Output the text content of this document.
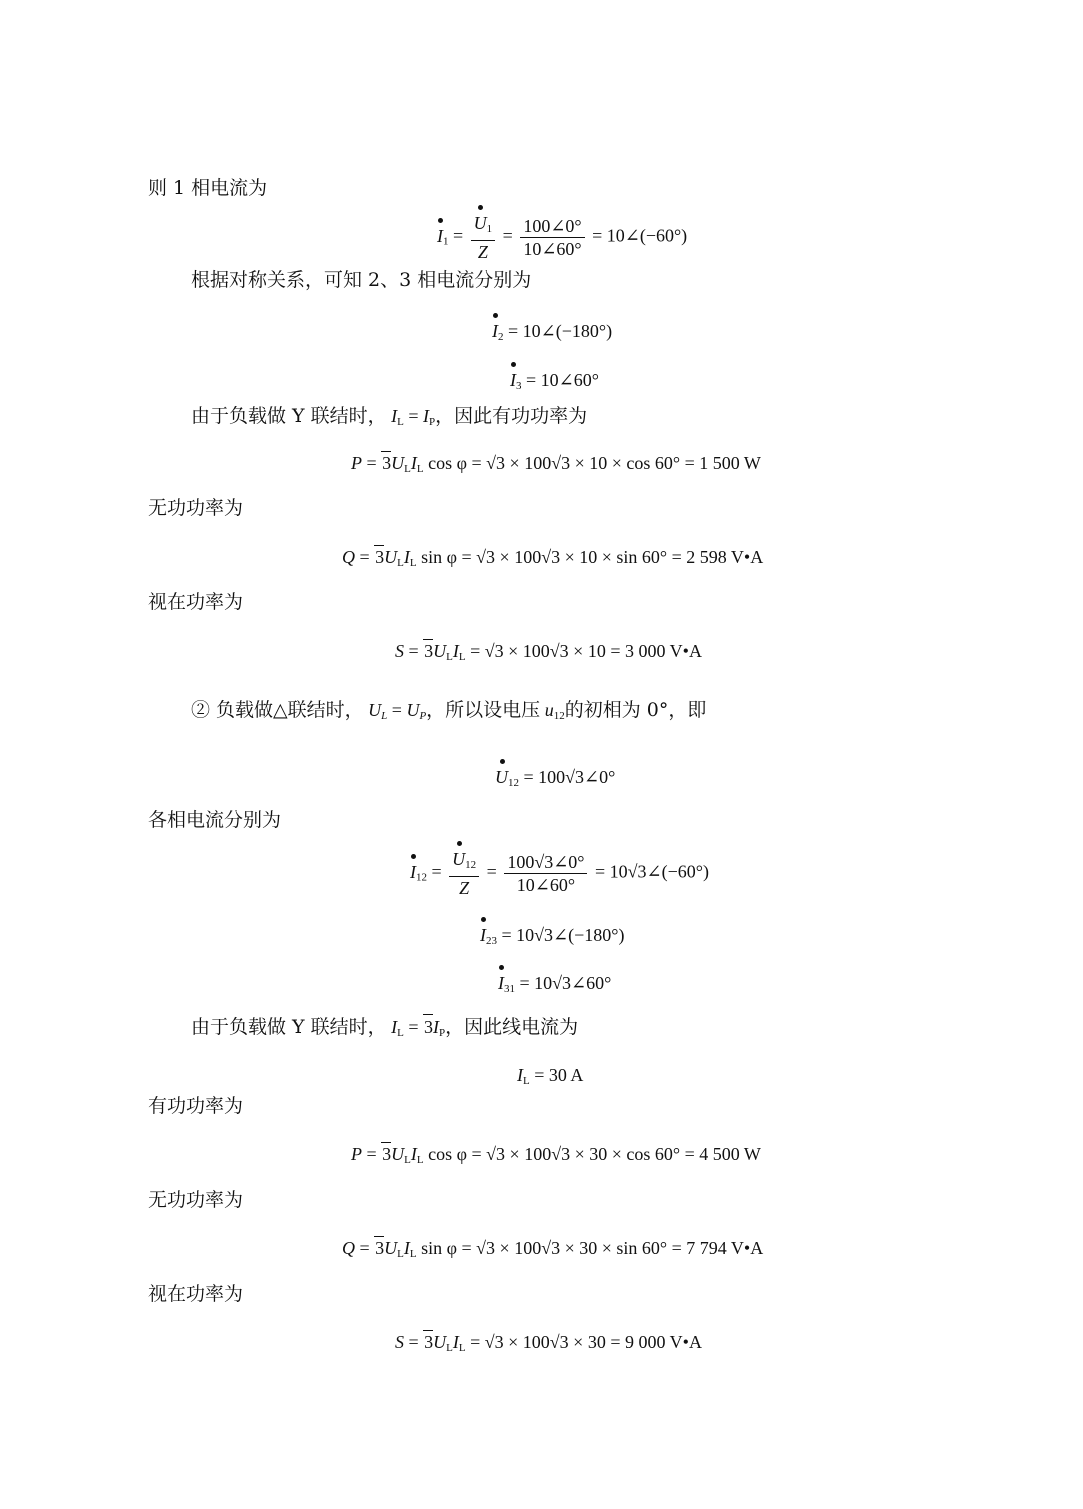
则 1 相电流为
$I_1 = \frac{U_1}{Z} = \frac{100\angle 0^\circ}{10\angle 60^\circ}$ = 10∠(−60°)
根据对称关系，可知 2、3 相电流分别为
$I_2$ = 10∠(−180°)
$I_3$ = 10∠60°
由于负载做 Y 联结时， $I_L = I_P$，因此有功功率为
$P = 3U_LI_L$ cos φ = √3 × 100√3 × 10 × cos 60° = 1 500 W
无功功率为
$Q = 3U_LI_L$ sin φ = √3 × 100√3 × 10 × sin 60° = 2 598 V•A
视在功率为
$S = 3U_LI_L = √3 \times 100√3 \times 10 = 3$ 000 V•A
② 负载做△联结时， $U_L = U_P$，所以设电压 $u_{12}$的初相为 0°，即
$U_{12}$ = 100√3∠0°
各相电流分别为
$I_{12} = \frac{U_{12}}{Z} = \frac{100√3\angle 0^\circ}{10\angle 60^\circ}$ = 10√3∠(−60°)
$I_{23}$ = 10√3∠(−180°)
$I_{31}$ = 10√3∠60°
由于负载做 Y 联结时， $I_L = 3I_P$，因此线电流为
$I_L = 30$ A
有功功率为
$P = 3U_LI_L$ cos φ = √3 × 100√3 × 30 × cos 60° = 4 500 W
无功功率为
$Q = 3U_LI_L$ sin φ = √3 × 100√3 × 30 × sin 60° = 7 794 V•A
视在功率为
$S = 3U_LI_L = √3 \times 100√3 \times 30 = 9$ 000 V•A
